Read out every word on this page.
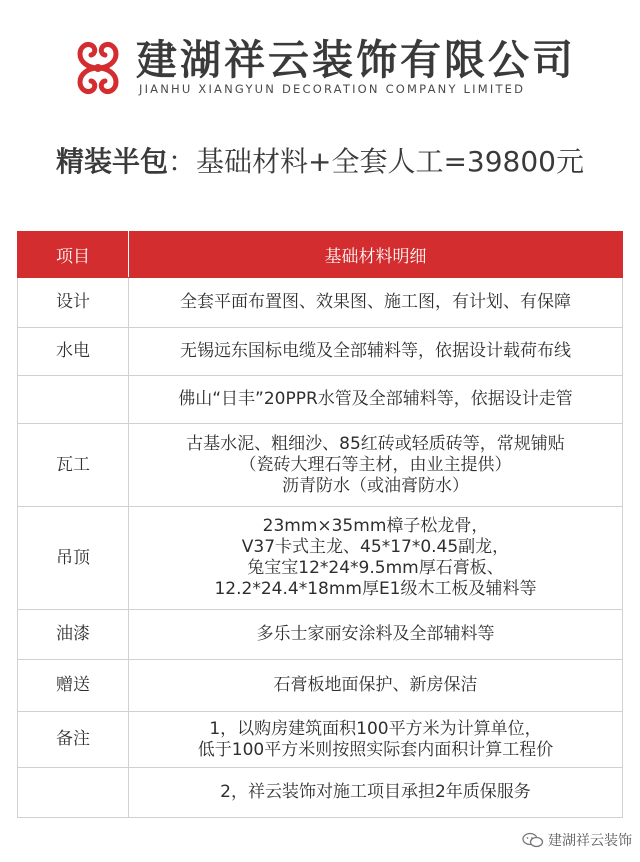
建湖祥云装饰有限公司
JIANHU XIANGYUN DECORATION COMPANY LIMITED
精装半包：基础材料+全套人工=39800元
项目	基础材料明细
设计	全套平面布置图、效果图、施工图，有计划、有保障

水电	无锡远东国标电缆及全部辅料等，依据设计载荷布线

	佛山“日丰”20PPR水管及全部辅料等，依据设计走管

瓦工	古基水泥、粗细沙、85红砖或轻质砖等，常规铺贴
（瓷砖大理石等主材，由业主提供）
沥青防水（或油膏防水）

吊顶	23mm×35mm樟子松龙骨，
V37卡式主龙、45*17*0.45副龙，
兔宝宝12*24*9.5mm厚石膏板、
12.2*24.4*18mm厚E1级木工板及辅料等

油漆	多乐士家丽安涂料及全部辅料等

赠送	石膏板地面保护、新房保洁

备注	1，以购房建筑面积100平方米为计算单位，
低于100平方米则按照实际套内面积计算工程价

	2，祥云装饰对施工项目承担2年质保服务
建湖祥云装饰
